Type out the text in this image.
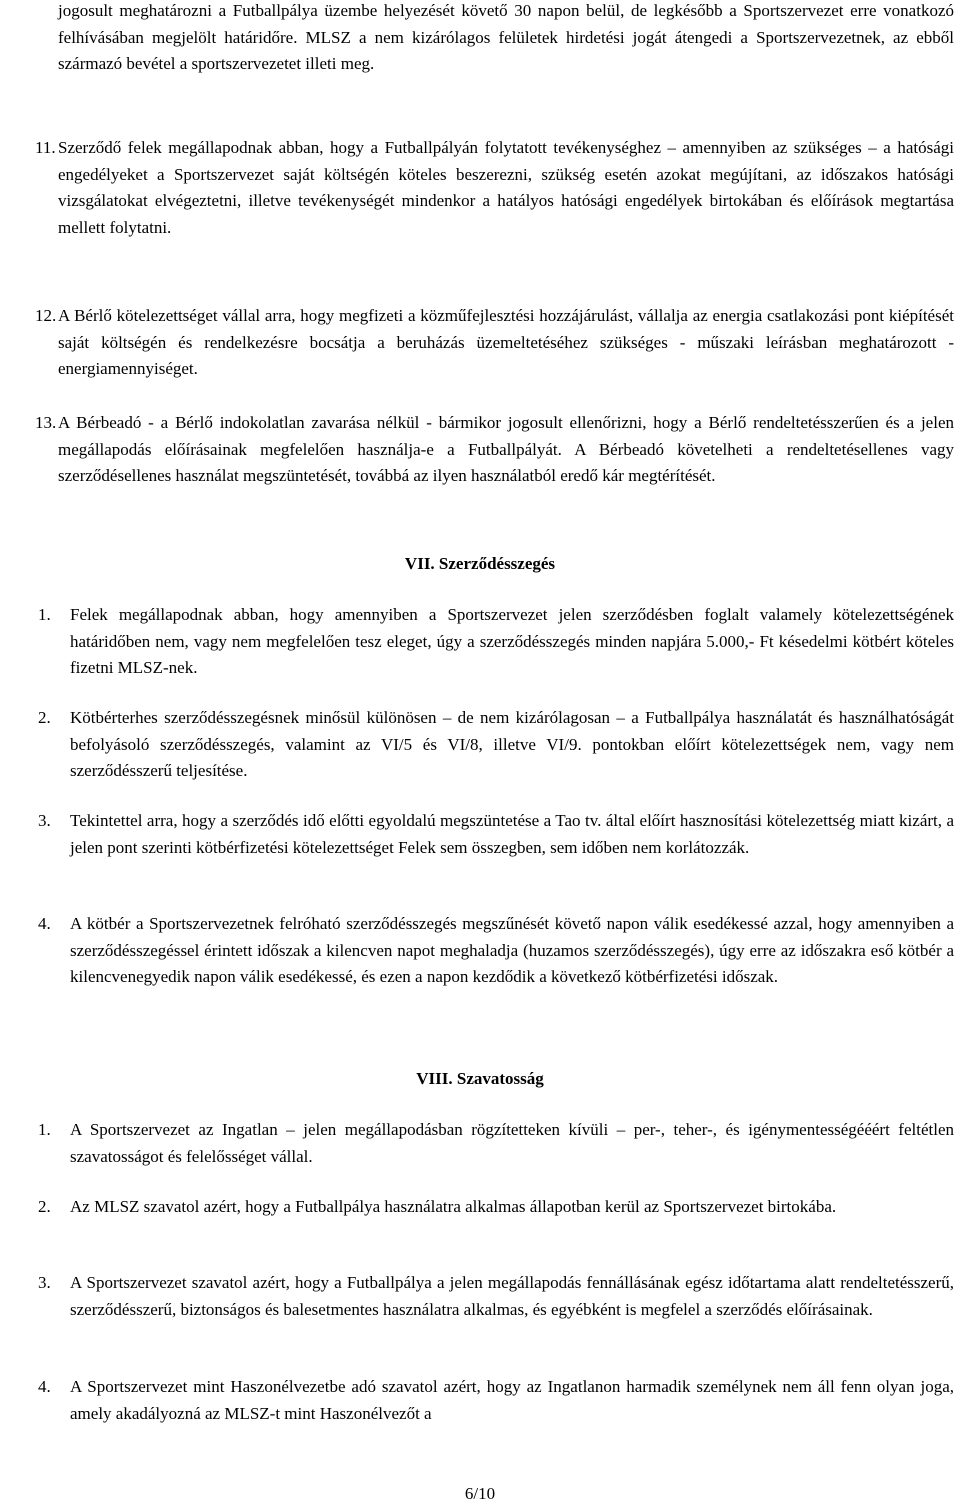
jogosult meghatározni a Futballpálya üzembe helyezését követő 30 napon belül, de legkésőbb a Sportszervezet erre vonatkozó felhívásában megjelölt határidőre. MLSZ a nem kizárólagos felületek hirdetési jogát átengedi a Sportszervezetnek, az ebből származó bevétel a sportszervezetet illeti meg.

11. Szerződő felek megállapodnak abban, hogy a Futballpályán folytatott tevékenységhez – amennyiben az szükséges – a hatósági engedélyeket a Sportszervezet saját költségén köteles beszerezni, szükség esetén azokat megújítani, az időszakos hatósági vizsgálatokat elvégeztetni, illetve tevékenységét mindenkor a hatályos hatósági engedélyek birtokában és előírások megtartása mellett folytatni.

12. A Bérlő kötelezettséget vállal arra, hogy megfizeti a közműfejlesztési hozzájárulást, vállalja az energia csatlakozási pont kiépítését saját költségén és rendelkezésre bocsátja a beruházás üzemeltetéséhez szükséges - műszaki leírásban meghatározott - energiamennyiséget.

13. A Bérbeadó - a Bérlő indokolatlan zavarása nélkül - bármikor jogosult ellenőrizni, hogy a Bérlő rendeltetésszerűen és a jelen megállapodás előírásainak megfelelően használja-e a Futballpályát. A Bérbeadó követelheti a rendeltetésellenes vagy szerződésellenes használat megszüntetését, továbbá az ilyen használatból eredő kár megtérítését.

VII. Szerződésszegés
1. Felek megállapodnak abban, hogy amennyiben a Sportszervezet jelen szerződésben foglalt valamely kötelezettségének határidőben nem, vagy nem megfelelően tesz eleget, úgy a szerződésszegés minden napjára 5.000,- Ft késedelmi kötbért köteles fizetni MLSZ-nek.

2. Kötbérterhes szerződésszegésnek minősül különösen – de nem kizárólagosan – a Futballpálya használatát és használhatóságát befolyásoló szerződésszegés, valamint az VI/5 és VI/8, illetve VI/9. pontokban előírt kötelezettségek nem, vagy nem szerződésszerű teljesítése.

3. Tekintettel arra, hogy a szerződés idő előtti egyoldalú megszüntetése a Tao tv. által előírt hasznosítási kötelezettség miatt kizárt, a jelen pont szerinti kötbérfizetési kötelezettséget Felek sem összegben, sem időben nem korlátozzák.

4. A kötbér a Sportszervezetnek felróható szerződésszegés megszűnését követő napon válik esedékessé azzal, hogy amennyiben a szerződésszegéssel érintett időszak a kilencven napot meghaladja (huzamos szerződésszegés), úgy erre az időszakra eső kötbér a kilencvenegyedik napon válik esedékessé, és ezen a napon kezdődik a következő kötbérfizetési időszak.

VIII. Szavatosság
1. A Sportszervezet az Ingatlan – jelen megállapodásban rögzítetteken kívüli – per-, teher-, és igénymentességééért feltétlen szavatosságot és felelősséget vállal.

2. Az MLSZ szavatol azért, hogy a Futballpálya használatra alkalmas állapotban kerül az Sportszervezet birtokába.

3. A Sportszervezet szavatol azért, hogy a Futballpálya a jelen megállapodás fennállásának egész időtartama alatt rendeltetésszerű, szerződésszerű, biztonságos és balesetmentes használatra alkalmas, és egyébként is megfelel a szerződés előírásainak.

4. A Sportszervezet mint Haszonélvezetbe adó szavatol azért, hogy az Ingatlanon harmadik személynek nem áll fenn olyan joga, amely akadályozná az MLSZ-t mint Haszonélvezőt a

6/10
